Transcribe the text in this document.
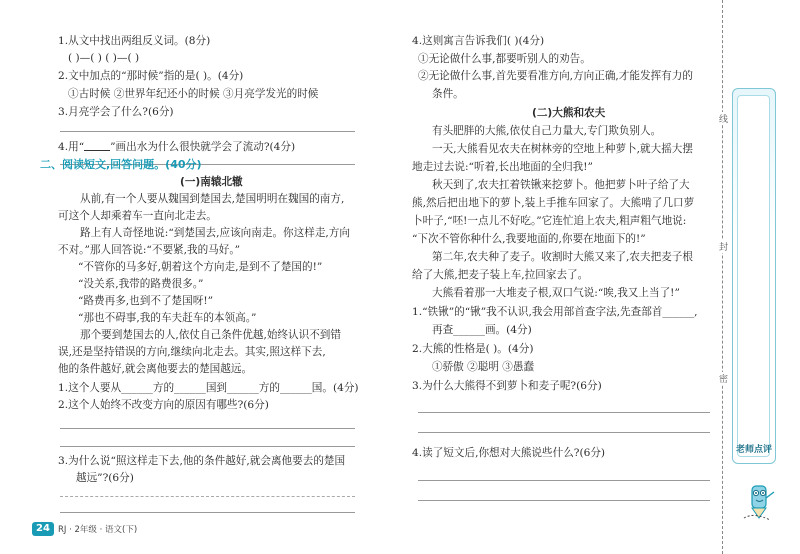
1.从文中找出两组反义词。(8分)
( )—( ) ( )—( )
2.文中加点的“那时候”指的是( )。(4分)
①古时候 ②世界年纪还小的时候 ③月亮学发光的时候
3.月亮学会了什么?(6分)
4.用“ ”画出水为什么很快就学会了流动?(4分)
二、阅读短文,回答问题。(40分)
(一)南辕北辙
从前,有一个人要从魏国到楚国去,楚国明明在魏国的南方,
可这个人却乘着车一直向北走去。
路上有人奇怪地说:“到楚国去,应该向南走。你这样走,方向
不对。”那人回答说:“不要紧,我的马好。”
“不管你的马多好,朝着这个方向走,是到不了楚国的!”
“没关系,我带的路费很多。”
“路费再多,也到不了楚国呀!”
“那也不碍事,我的车夫赶车的本领高。”
那个要到楚国去的人,依仗自己条件优越,始终认识不到错
误,还是坚持错误的方向,继续向北走去。其实,照这样下去,
他的条件越好,就会离他要去的楚国越远。
1.这个人要从______方的______国到______方的______国。(4分)
2.这个人始终不改变方向的原因有哪些?(6分)
3.为什么说“照这样走下去,他的条件越好,就会离他要去的楚国
越远”?(6分)
4.这则寓言告诉我们( )(4分)
①无论做什么事,都要听别人的劝告。
②无论做什么事,首先要看准方向,方向正确,才能发挥有力的
条件。
(二)大熊和农夫
有头肥胖的大熊,依仗自己力量大,专门欺负别人。
一天,大熊看见农夫在树林旁的空地上种萝卜,就大摇大摆
地走过去说:“听着,长出地面的全归我!”
秋天到了,农夫扛着铁锹来挖萝卜。他把萝卜叶子给了大
熊,然后把出地下的萝卜,装上手推车回家了。大熊啃了几口萝
卜叶子,“呸!一点儿不好吃。”它连忙追上农夫,粗声粗气地说:
“下次不管你种什么,我要地面的,你要在地面下的!”
第二年,农夫种了麦子。收割时大熊又来了,农夫把麦子根
给了大熊,把麦子装上车,拉回家去了。
大熊看着那一大堆麦子根,双口气说:“唉,我又上当了!”
1.“铁锹”的“锹”我不认识,我会用部首查字法,先查部首______,
再查______画。(4分)
2.大熊的性格是( )。(4分)
①骄傲 ②聪明 ③愚蠢
3.为什么大熊得不到萝卜和麦子呢?(6分)
4.读了短文后,你想对大熊说些什么?(6分)
线
封
密
老师点评
24 RJ · 2年级 · 语文(下)
